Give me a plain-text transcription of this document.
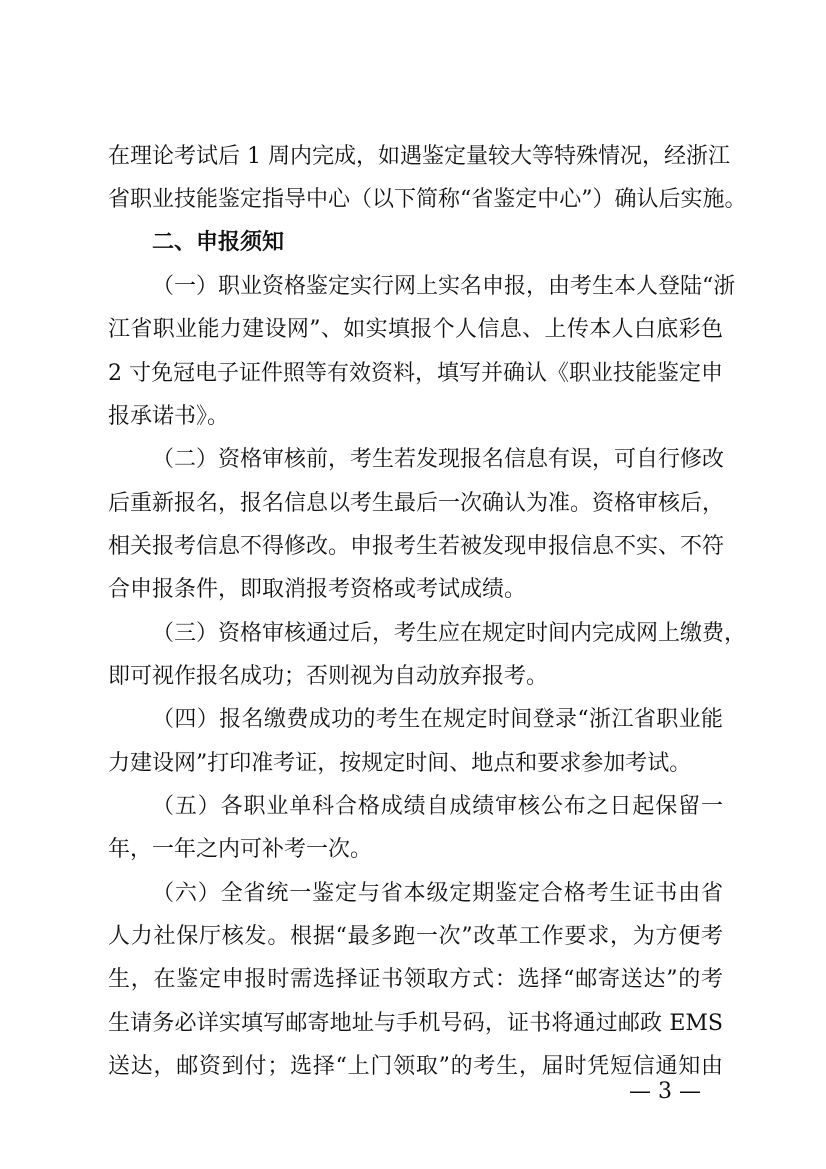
在理论考试后 1 周内完成，如遇鉴定量较大等特殊情况，经浙江
省职业技能鉴定指导中心（以下简称“省鉴定中心”）确认后实施。
二、申报须知
（一）职业资格鉴定实行网上实名申报，由考生本人登陆“浙
江省职业能力建设网”、如实填报个人信息、上传本人白底彩色
2 寸免冠电子证件照等有效资料，填写并确认《职业技能鉴定申
报承诺书》。
（二）资格审核前，考生若发现报名信息有误，可自行修改
后重新报名，报名信息以考生最后一次确认为准。资格审核后，
相关报考信息不得修改。申报考生若被发现申报信息不实、不符
合申报条件，即取消报考资格或考试成绩。
（三）资格审核通过后，考生应在规定时间内完成网上缴费，
即可视作报名成功；否则视为自动放弃报考。
（四）报名缴费成功的考生在规定时间登录“浙江省职业能
力建设网”打印准考证，按规定时间、地点和要求参加考试。
（五）各职业单科合格成绩自成绩审核公布之日起保留一
年，一年之内可补考一次。
（六）全省统一鉴定与省本级定期鉴定合格考生证书由省
人力社保厅核发。根据“最多跑一次”改革工作要求，为方便考
生，在鉴定申报时需选择证书领取方式：选择“邮寄送达”的考
生请务必详实填写邮寄地址与手机号码，证书将通过邮政 EMS
送达，邮资到付；选择“上门领取”的考生，届时凭短信通知由
— 3 —
